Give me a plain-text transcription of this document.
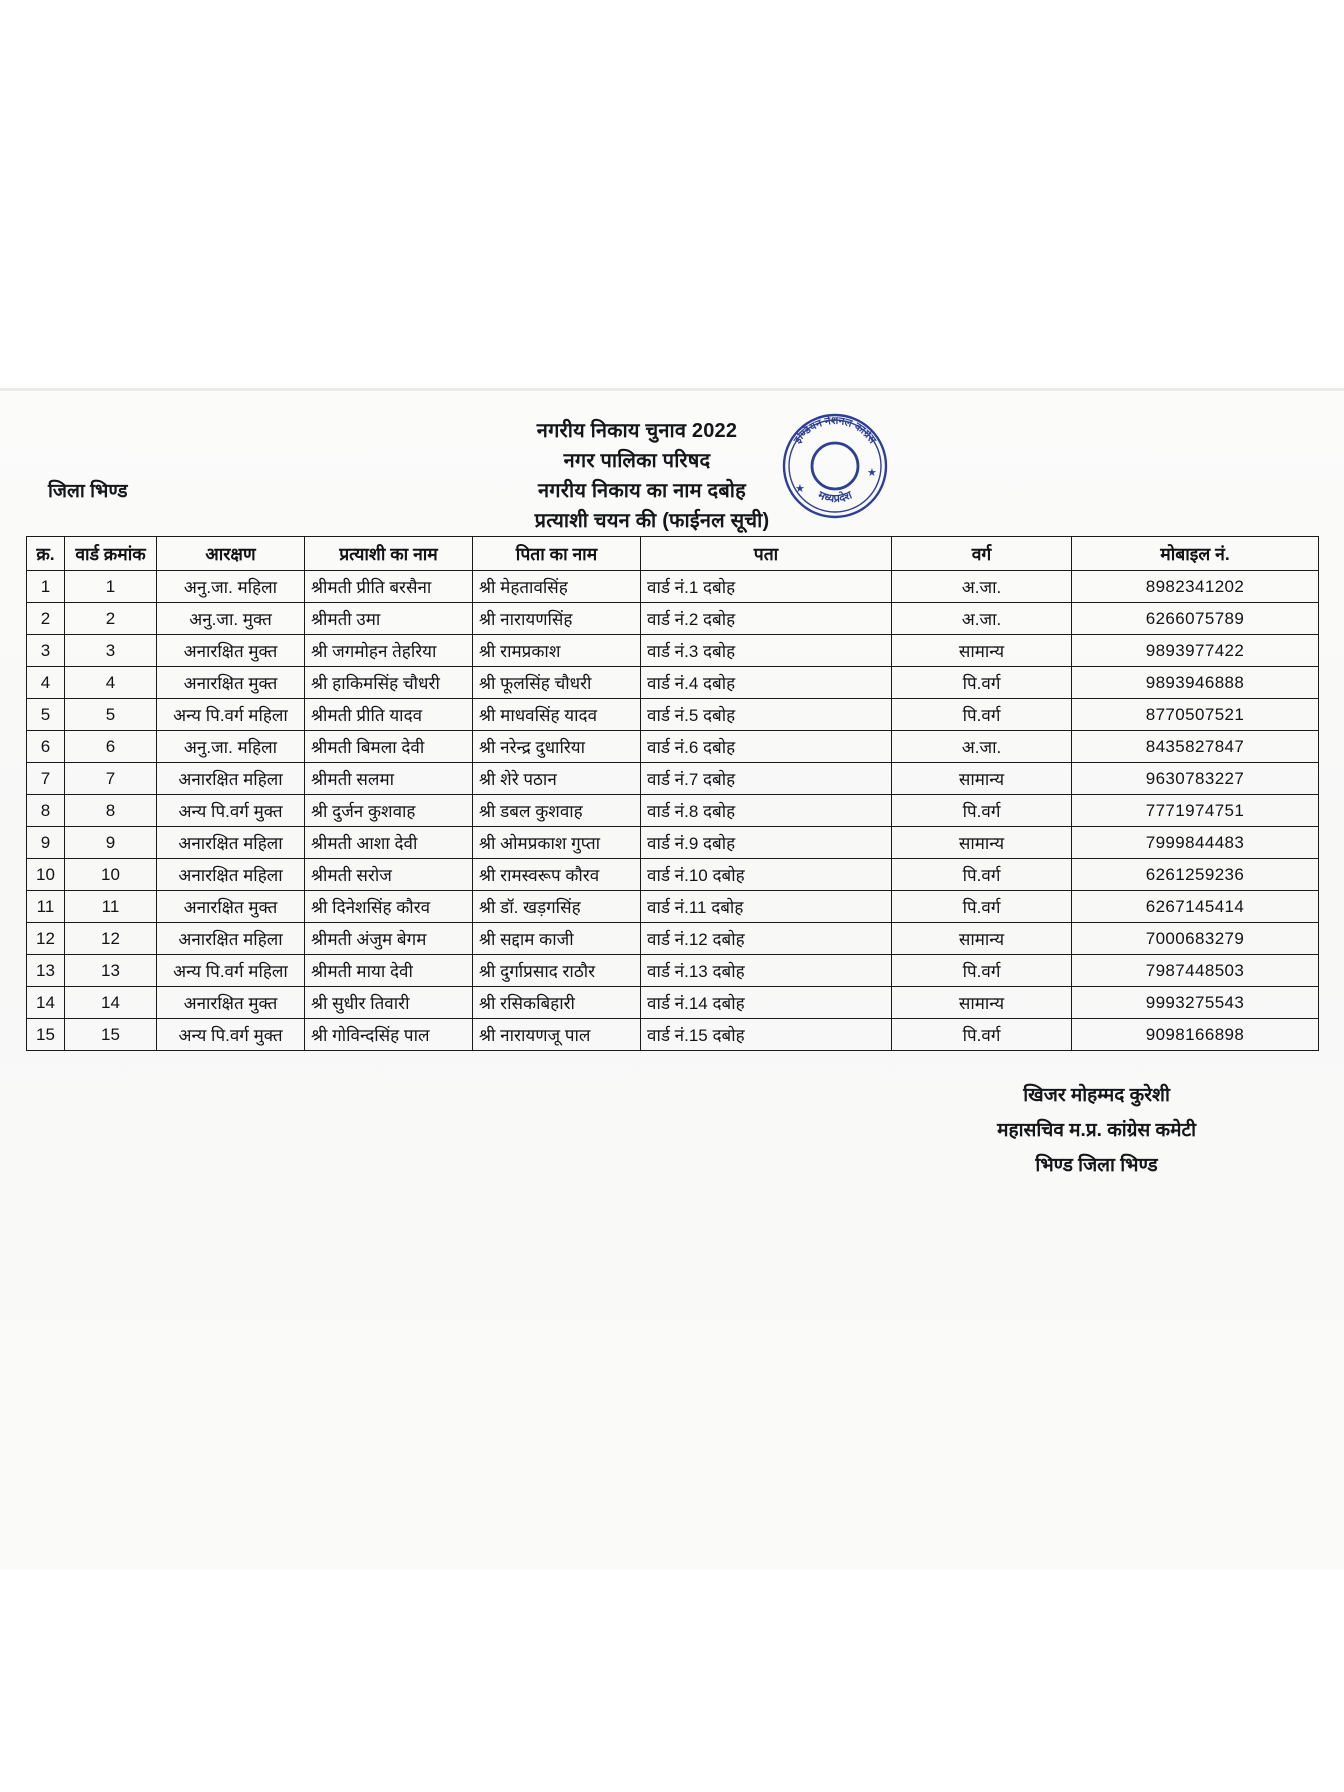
नगरीय निकाय चुनाव 2022
नगर पालिका परिषद
नगरीय निकाय का नाम दबोह
प्रत्याशी चयन की (फाईनल सूची)
जिला भिण्ड
इण्डियन नेशनल कांग्रेस
मध्यप्रदेश
★
★
क्र.	वार्ड क्रमांक	आरक्षण	प्रत्याशी का नाम	पिता का नाम	पता	वर्ग	मोबाइल नं.
1	1	अनु.जा. महिला	श्रीमती प्रीति बरसैना	श्री मेहतावसिंह	वार्ड नं.1 दबोह	अ.जा.	8982341202
2	2	अनु.जा. मुक्त	श्रीमती उमा	श्री नारायणसिंह	वार्ड नं.2 दबोह	अ.जा.	6266075789
3	3	अनारक्षित मुक्त	श्री जगमोहन तेहरिया	श्री रामप्रकाश	वार्ड नं.3 दबोह	सामान्य	9893977422
4	4	अनारक्षित मुक्त	श्री हाकिमसिंह चौधरी	श्री फूलसिंह चौधरी	वार्ड नं.4 दबोह	पि.वर्ग	9893946888
5	5	अन्य पि.वर्ग महिला	श्रीमती प्रीति यादव	श्री माधवसिंह यादव	वार्ड नं.5 दबोह	पि.वर्ग	8770507521
6	6	अनु.जा. महिला	श्रीमती बिमला देवी	श्री नरेन्द्र दुधारिया	वार्ड नं.6 दबोह	अ.जा.	8435827847
7	7	अनारक्षित महिला	श्रीमती सलमा	श्री शेरे पठान	वार्ड नं.7 दबोह	सामान्य	9630783227
8	8	अन्य पि.वर्ग मुक्त	श्री दुर्जन कुशवाह	श्री डबल कुशवाह	वार्ड नं.8 दबोह	पि.वर्ग	7771974751
9	9	अनारक्षित महिला	श्रीमती आशा देवी	श्री ओमप्रकाश गुप्ता	वार्ड नं.9 दबोह	सामान्य	7999844483
10	10	अनारक्षित महिला	श्रीमती सरोज	श्री रामस्वरूप कौरव	वार्ड नं.10 दबोह	पि.वर्ग	6261259236
11	11	अनारक्षित मुक्त	श्री दिनेशसिंह कौरव	श्री डॉ. खड़गसिंह	वार्ड नं.11 दबोह	पि.वर्ग	6267145414
12	12	अनारक्षित महिला	श्रीमती अंजुम बेगम	श्री सद्दाम काजी	वार्ड नं.12 दबोह	सामान्य	7000683279
13	13	अन्य पि.वर्ग महिला	श्रीमती माया देवी	श्री दुर्गाप्रसाद राठौर	वार्ड नं.13 दबोह	पि.वर्ग	7987448503
14	14	अनारक्षित मुक्त	श्री सुधीर तिवारी	श्री रसिकबिहारी	वार्ड नं.14 दबोह	सामान्य	9993275543
15	15	अन्य पि.वर्ग मुक्त	श्री गोविन्दसिंह पाल	श्री नारायणजू पाल	वार्ड नं.15 दबोह	पि.वर्ग	9098166898
खिजर मोहम्मद कुरेशी
महासचिव म.प्र. कांग्रेस कमेटी
भिण्ड जिला भिण्ड
